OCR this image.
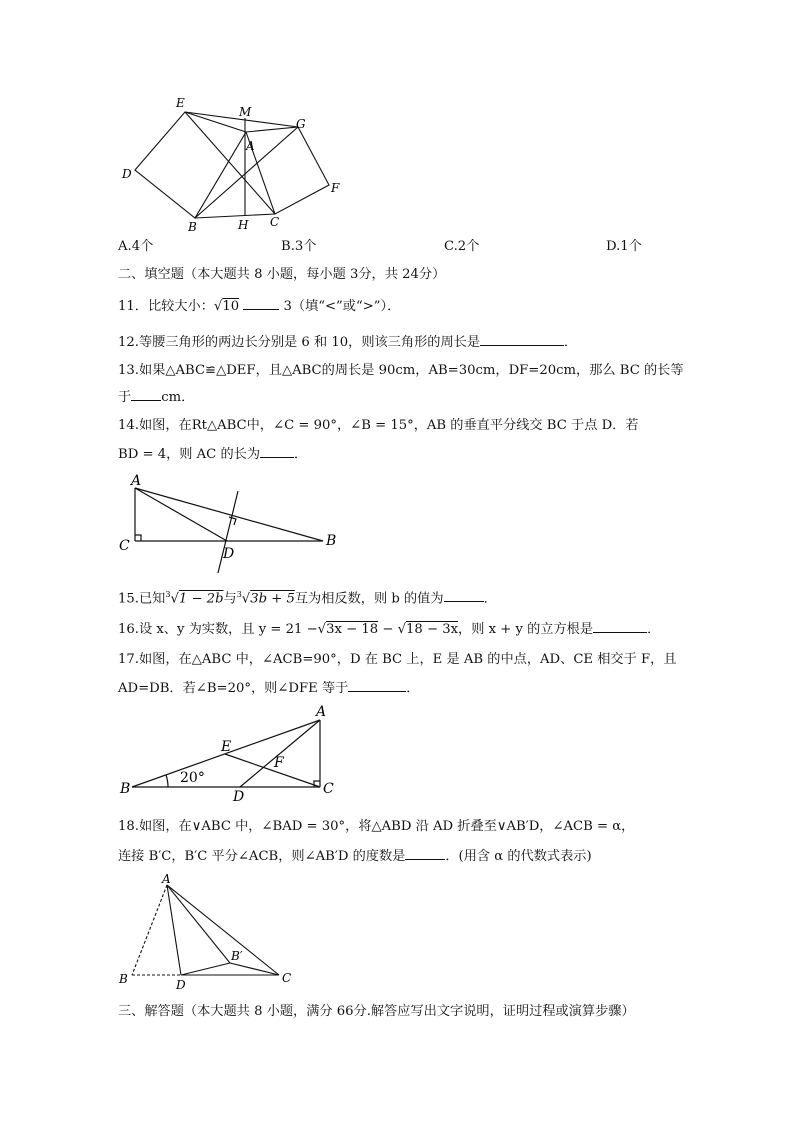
E
M
G
A
D
F
B	H C
A.4个	B.3个	C.2个	D.1个
二、填空题（本大题共 8 小题，每小题 3分，共 24分）
11．比较大小：√10	3（填“<”或“>”）．
12.等腰三角形的两边长分别是 6 和 10，则该三角形的周长是	．
13.如果△ABC≌△DEF，且△ABC的周长是 90cm，AB=30cm，DF=20cm，那么 BC 的长等
于 cm．
14.如图，在Rt△ABC中，∠C = 90°，∠B = 15°，AB 的垂直平分线交 BC 于点 D．若
BD = 4，则 AC 的长为	．
A
C	D
B
15.已知$^3$√1 − 2b与$^3$√3b + 5互为相反数，则 b 的值为	．
16.设 x、y 为实数，且 y = 21 −√3x − 18 − √18 − 3x，则 x + y 的立方根是	．
17.如图，在△ABC 中，∠ACB=90°，D 在 BC 上，E 是 AB 的中点，AD、CE 相交于 F，且
AD=DB．若∠B=20°，则∠DFE 等于	．
A
E
F
B	D	C
20°
18.如图，在∨ABC 中，∠BAD = 30°，将△ABD 沿 AD 折叠至∨AB′D，∠ACB = α，
连接 B′C，B′C 平分∠ACB，则∠AB′D 的度数是	．(用含 α 的代数式表示)
A
B	D
B′
C
三、解答题（本大题共 8 小题，满分 66分.解答应写出文字说明，证明过程或演算步骤）
